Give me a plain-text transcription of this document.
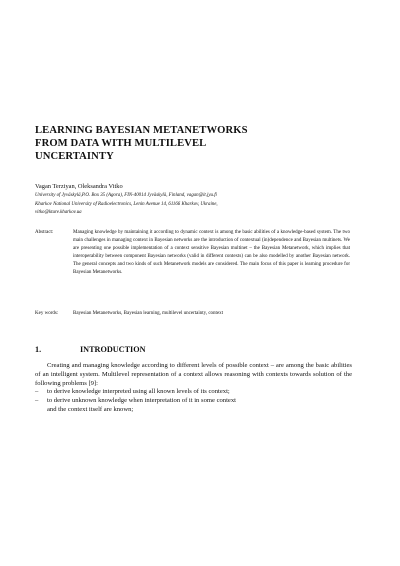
LEARNING BAYESIAN METANETWORKS
FROM DATA WITH MULTILEVEL
UNCERTAINTY
Vagan Terziyan, Oleksandra Vitko
University of Jyväskylä,P.O. Box 35 (Agora), FIN-40014 Jyväskylä, Finland, vagan@it.jyu.fi
Kharkov National University of Radioelectronics, Lenin Avenue 14, 61166 Kharkov, Ukraine,
vitko@kture.kharkov.ua
Abstract:	Managing knowledge by maintaining it according to dynamic context is among the basic abilities of a knowledge-based system. The two main challenges in managing context in Bayesian networks are the introduction of contextual (in)dependence and Bayesian multinets. We are presenting one possible implementation of a context sensitive Bayesian multinet – the Bayesian Metanetwork, which implies that interoperability between component Bayesian networks (valid in different contexts) can be also modelled by another Bayesian network. The general concepts and two kinds of such Metanetwork models are considered. The main focus of this paper is learning procedure for Bayesian Metanetworks.
Key words:	Bayesian Metanetworks, Bayesian learning, multilevel uncertainty, context
1.	INTRODUCTION

Creating and managing knowledge according to different levels of possible context – are among the basic abilities of an intelligent system. Multilevel representation of a context allows reasoning with contexts towards solution of the following problems [9]:

– to derive knowledge interpreted using all known levels of its context;
– to derive unknown knowledge when interpretation of it in some context
and the context itself are known;
